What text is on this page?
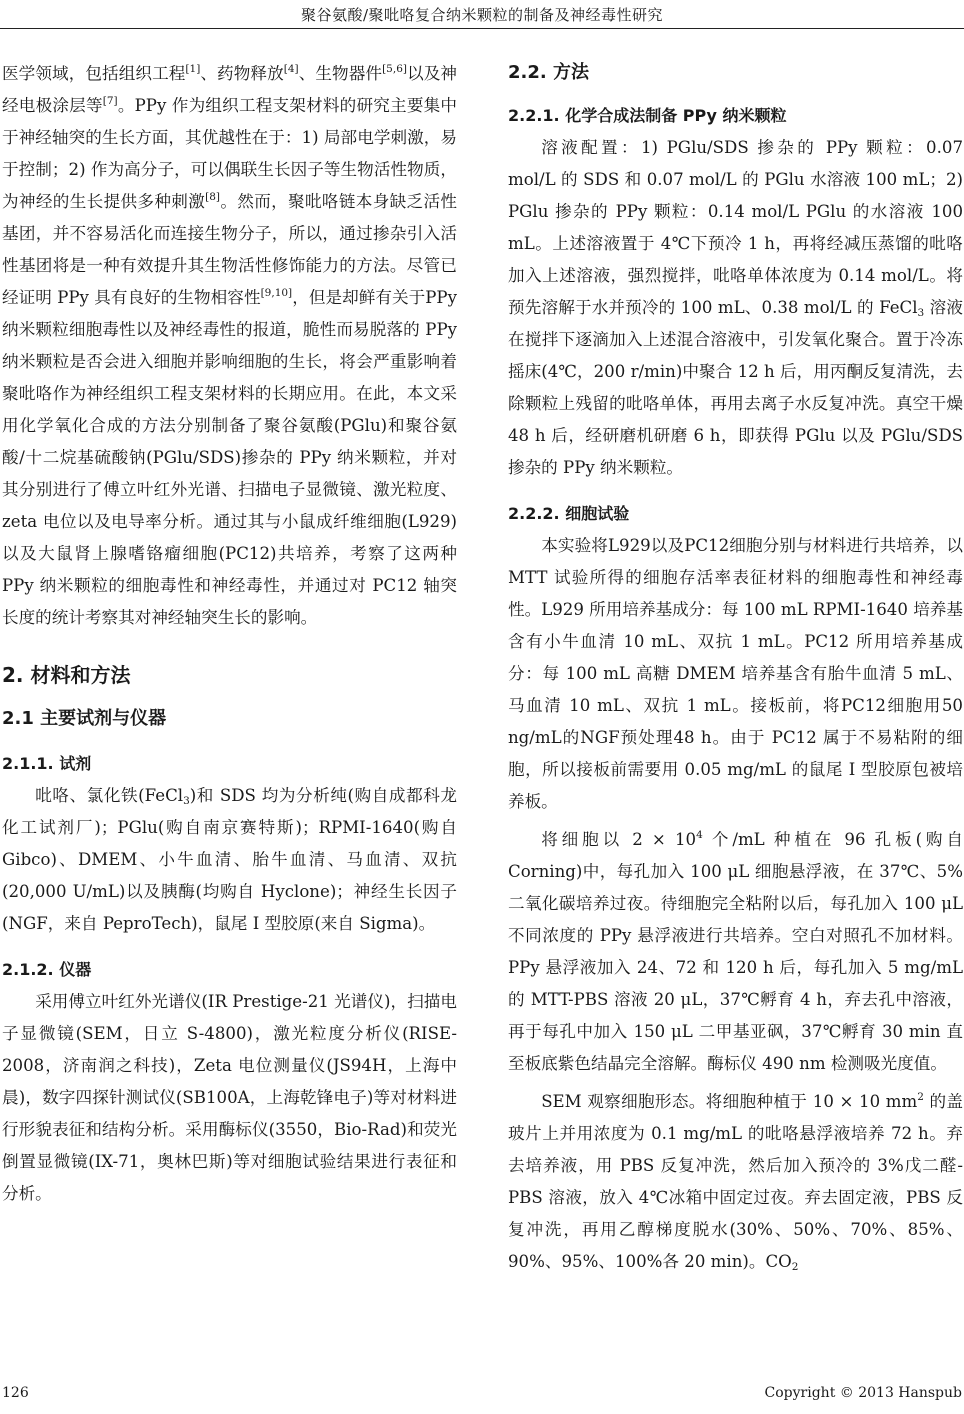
聚谷氨酸/聚吡咯复合纳米颗粒的制备及神经毒性研究

医学领域，包括组织工程[1]、药物释放[4]、生物器件[5,6]以及神经电极涂层等[7]。PPy 作为组织工程支架材料的研究主要集中于神经轴突的生长方面，其优越性在于：1) 局部电学刺激，易于控制；2) 作为高分子，可以偶联生长因子等生物活性物质，为神经的生长提供多种刺激[8]。然而，聚吡咯链本身缺乏活性基团，并不容易活化而连接生物分子，所以，通过掺杂引入活性基团将是一种有效提升其生物活性修饰能力的方法。尽管已经证明 PPy 具有良好的生物相容性[9,10]，但是却鲜有关于PPy纳米颗粒细胞毒性以及神经毒性的报道，脆性而易脱落的 PPy 纳米颗粒是否会进入细胞并影响细胞的生长，将会严重影响着聚吡咯作为神经组织工程支架材料的长期应用。在此，本文采用化学氧化合成的方法分别制备了聚谷氨酸(PGlu)和聚谷氨酸/十二烷基硫酸钠(PGlu/SDS)掺杂的 PPy 纳米颗粒，并对其分别进行了傅立叶红外光谱、扫描电子显微镜、激光粒度、zeta 电位以及电导率分析。通过其与小鼠成纤维细胞(L929)以及大鼠肾上腺嗜铬瘤细胞(PC12)共培养，考察了这两种 PPy 纳米颗粒的细胞毒性和神经毒性，并通过对 PC12 轴突长度的统计考察其对神经轴突生长的影响。

2. 材料和方法
2.1 主要试剂与仪器
2.1.1. 试剂

吡咯、氯化铁(FeCl$_3$)和 SDS 均为分析纯(购自成都科龙化工试剂厂)；PGlu(购自南京赛特斯)；RPMI-1640(购自 Gibco)、DMEM、小牛血清、胎牛血清、马血清、双抗(20,000 U/mL)以及胰酶(均购自 Hyclone)；神经生长因子(NGF，来自 PeproTech)，鼠尾 I 型胶原(来自 Sigma)。

2.1.2. 仪器

采用傅立叶红外光谱仪(IR Prestige-21 光谱仪)，扫描电子显微镜(SEM，日立 S-4800)，激光粒度分析仪(RISE-2008，济南润之科技)，Zeta 电位测量仪(JS94H，上海中晨)，数字四探针测试仪(SB100A，上海乾锋电子)等对材料进行形貌表征和结构分析。采用酶标仪(3550，Bio-Rad)和荧光倒置显微镜(IX-71，奥林巴斯)等对细胞试验结果进行表征和分析。

2.2. 方法
2.2.1. 化学合成法制备 PPy 纳米颗粒

溶液配置：1) PGlu/SDS 掺杂的 PPy 颗粒：0.07 mol/L 的 SDS 和 0.07 mol/L 的 PGlu 水溶液 100 mL；2) PGlu 掺杂的 PPy 颗粒：0.14 mol/L PGlu 的水溶液 100 mL。上述溶液置于 4℃下预冷 1 h，再将经减压蒸馏的吡咯加入上述溶液，强烈搅拌，吡咯单体浓度为 0.14 mol/L。将预先溶解于水并预冷的 100 mL、0.38 mol/L 的 FeCl$_3$ 溶液在搅拌下逐滴加入上述混合溶液中，引发氧化聚合。置于冷冻摇床(4℃，200 r/min)中聚合 12 h 后，用丙酮反复清洗，去除颗粒上残留的吡咯单体，再用去离子水反复冲洗。真空干燥 48 h 后，经研磨机研磨 6 h，即获得 PGlu 以及 PGlu/SDS 掺杂的 PPy 纳米颗粒。

2.2.2. 细胞试验

本实验将L929以及PC12细胞分别与材料进行共培养，以 MTT 试验所得的细胞存活率表征材料的细胞毒性和神经毒性。L929 所用培养基成分：每 100 mL RPMI-1640 培养基含有小牛血清 10 mL、双抗 1 mL。PC12 所用培养基成分：每 100 mL 高糖 DMEM 培养基含有胎牛血清 5 mL、马血清 10 mL、双抗 1 mL。接板前，将PC12细胞用50 ng/mL的NGF预处理48 h。由于 PC12 属于不易粘附的细胞，所以接板前需要用 0.05 mg/mL 的鼠尾 I 型胶原包被培养板。

将细胞以 $2 \times 10^4$ 个/mL 种植在 96 孔板(购自 Corning)中，每孔加入 100 μL 细胞悬浮液，在 37℃、5%二氧化碳培养过夜。待细胞完全粘附以后，每孔加入 100 μL 不同浓度的 PPy 悬浮液进行共培养。空白对照孔不加材料。PPy 悬浮液加入 24、72 和 120 h 后，每孔加入 5 mg/mL 的 MTT-PBS 溶液 20 μL，37℃孵育 4 h，弃去孔中溶液，再于每孔中加入 150 μL 二甲基亚砜，37℃孵育 30 min 直至板底紫色结晶完全溶解。酶标仪 490 nm 检测吸光度值。

SEM 观察细胞形态。将细胞种植于 10 × 10 $mm^2$ 的盖玻片上并用浓度为 0.1 mg/mL 的吡咯悬浮液培养 72 h。弃去培养液，用 PBS 反复冲洗，然后加入预冷的 3%戊二醛-PBS 溶液，放入 4℃冰箱中固定过夜。弃去固定液，PBS 反复冲洗，再用乙醇梯度脱水(30%、50%、70%、85%、90%、95%、100%各 20 min)。$CO_2$

126	Copyright © 2013 Hanspub
